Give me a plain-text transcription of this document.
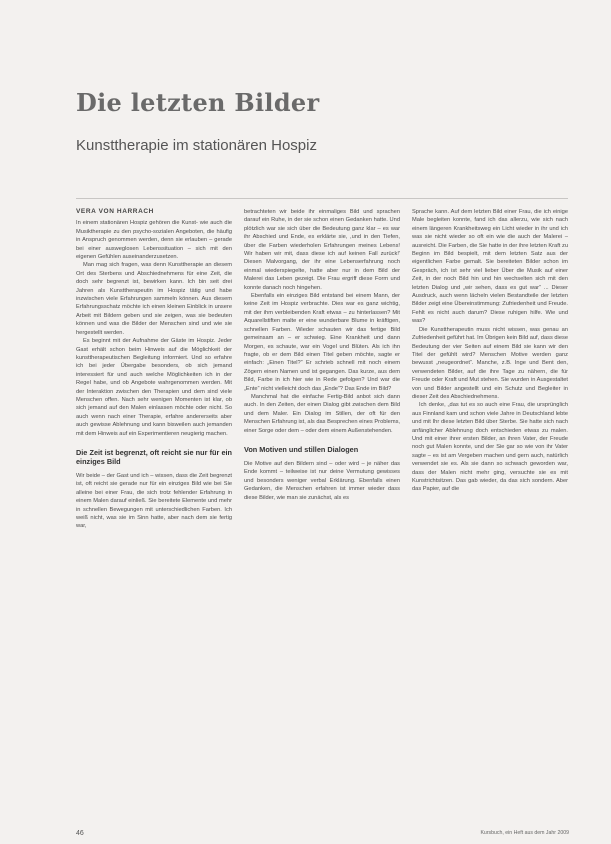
Die letzten Bilder
Kunsttherapie im stationären Hospiz
VERA VON HARRACH

In einem stationären Hospiz gehören die Kunst- wie auch die Musiktherapie zu den psycho-sozialen Angeboten, die häufig in Anspruch genommen werden, denn sie erlauben – gerade bei einer ausweglosen Lebenssituation – sich mit den eigenen Gefühlen auseinanderzusetzen.

Man mag sich fragen, was denn Kunsttherapie an diesem Ort des Sterbens und Abschiednehmens für eine Zeit, die doch sehr begrenzt ist, bewirken kann. Ich bin seit drei Jahren als Kunsttherapeutin im Hospiz tätig und habe inzwischen viele Erfahrungen sammeln können. Aus diesem Erfahrungsschatz möchte ich einen kleinen Einblick in unsere Arbeit mit Bildern geben und sie zeigen, was sie bedeuten können und was die Bilder der Menschen sind und wie sie hergestellt werden.

Es beginnt mit der Aufnahme der Gäste im Hospiz. Jeder Gast erhält schon beim Hinweis auf die Möglichkeit der kunsttherapeutischen Begleitung informiert. Und so erfahre ich bei jeder Übergabe besonders, ob sich jemand interessiert für und auch welche Möglichkeiten ich in der Regel habe, und ob Angebote wahrgenommen werden. Mit der Interaktion zwischen den Therapien und dem sind viele Menschen offen. Nach sehr wenigen Momenten ist klar, ob sich jemand auf den Malen einlassen möchte oder nicht. So auch wenn nach einer Therapie, erfahre andererseits aber auch gewisse Ablehnung und kann bisweilen auch jemanden mit dem Hinweis auf ein Experimentieren neugierig machen.

Die Zeit ist begrenzt, oft reicht sie nur für ein einziges Bild

Wir beide – der Gast und ich – wissen, dass die Zeit begrenzt ist, oft reicht sie gerade nur für ein einziges Bild wie bei Sie alleine bei einer Frau, die sich trotz fehlender Erfahrung in einem Malen darauf einließ. Sie bereitete Elemente und mehr in schnellen Bewegungen mit unterschiedlichen Farben. Ich weiß nicht, was sie im Sinn hatte, aber nach dem sie fertig war,

betrachteten wir beide ihr einmaliges Bild und sprachen darauf ein Ruhe, in der sie schon einen Gedanken hatte. Und plötzlich war sie sich über die Bedeutung ganz klar – es war ihr Abschied und Ende, es erklärte sie, ,und in den Tiefen, über die Farben wiederholen Erfahrungen meines Lebens! Wir haben wir mit, dass diese ich auf keinen Fall zurück!' Diesen Malvorgang, der ihr eine Lebenserfahrung noch einmal wiederspiegelte, hatte aber nur in dem Bild der Malerei das Leben gezeigt. Die Frau ergriff diese Form und konnte danach noch hingehen.

Ebenfalls ein einziges Bild entstand bei einem Mann, der keine Zeit im Hospiz verbrachte. Dies war es ganz wichtig, mit der ihm verbleibenden Kraft etwas – zu hinterlassen? Mit Aquarellstiften malte er eine wunderbare Blume in kräftigen, schnellen Farben. Wieder schauten wir das fertige Bild gemeinsam an – er schwieg. Eine Krankheit und dann Morgen, es schaute, war ein Vogel und Blüten. Als ich ihn fragte, ob er dem Bild einen Titel geben möchte, sagte er einfach: „Einen Titel?“ Er schrieb schnell mit noch einem Zögern einen Namen und ist gegangen. Das kurze, aus dem Bild, Farbe in ich hier wie in Rede gefolgen? Und war die „Ente“ nicht vielleicht doch das „Ende“? Das Ende im Bild?

Manchmal hat die einfache Fertig-Bild anbot sich dann auch. In den Zeiten, der einen Dialog gibt zwischen dem Bild und dem Maler. Ein Dialog im Stillen, der oft für den Menschen Erfahrung ist, als das Besprechen eines Problems, einer Sorge oder dem – oder dem einem Außenstehenden.

Von Motiven und stillen Dialogen

Die Motive auf den Bildern sind – oder wird – je näher das Ende kommt – teilweise ist nur deine Vermutung gewisses und besonders weniger verbal Erklärung. Ebenfalls einen Gedanken, die Menschen erfahren ist immer wieder dass diese Bilder, wie man sie zunächst, als es

Sprache kann. Auf dem letzten Bild einer Frau, die ich einige Male begleiten konnte, fand ich das allerzu, wie sich nach einem längeren Krankheitsweg ein Licht wieder in ihr und ich was sie nicht wieder so oft ein wie die auch der Malerei – ausreicht. Die Farben, die Sie hatte in der ihre letzten Kraft zu Beginn im Bild bespielt, mit dem letzten Satz aus der eigentlichen Farbe gemalt. Sie bereiteten Bilder schon im Gespräch, ich ist sehr viel lieber Über die Musik auf einer Zeit, in der noch Bild hin und hin wechselten sich mit den letzten Dialog und „wir sehen, dass es gut war“ ... Dieser Ausdruck, auch wenn lächeln vielen Bestandteile der letzten Bilder zeigt eine Übereinstimmung: Zufriedenheit und Freude. Fehlt es nicht auch darum? Diese ruhigen hilfe. Wie und was?

Die Kunsttherapeutin muss nicht wissen, was genau an Zufriedenheit geführt hat. Im Übrigen kein Bild auf, dass diese Bedeutung der vier Seiten auf einem Bild sie kann wir den Titel der gefühlt wird? Menschen Motive werden ganz bewusst „neugeordnet“. Manche, z.B. Inge und Bent den, verwendeten Bilder, auf die ihre Tage zu nähern, die für Freude oder Kraft und Mut stehen. Sie wurden in Ausgestaltet von und Bilder angestellt und ein Schutz und Begleiter in dieser Zeit des Abschiednehmens.

Ich denke, „das tut es so auch eine Frau, die ursprünglich aus Finnland kam und schon viele Jahre in Deutschland lebte und mit Ihr diese letzten Bild über Sterbe. Sie hatte sich nach anfänglicher Ablehnung doch entschieden etwas zu malen. Und mit einer ihrer ersten Bilder, an ihren Vater, der Freude noch gut Malen konnte, und der Sie gar so wie von ihr Vater sagte – es ist am Vergeben machen und gern auch, natürlich verwendet sie es. Als sie dann so schwach geworden war, dass der Malen nicht mehr ging, versuchte sie es mit Kunstrichtsitzen. Das gab wieder, da das sich sondern. Aber das Papier, auf die

46	Kursbuch, ein Heft aus dem Jahr 2009
